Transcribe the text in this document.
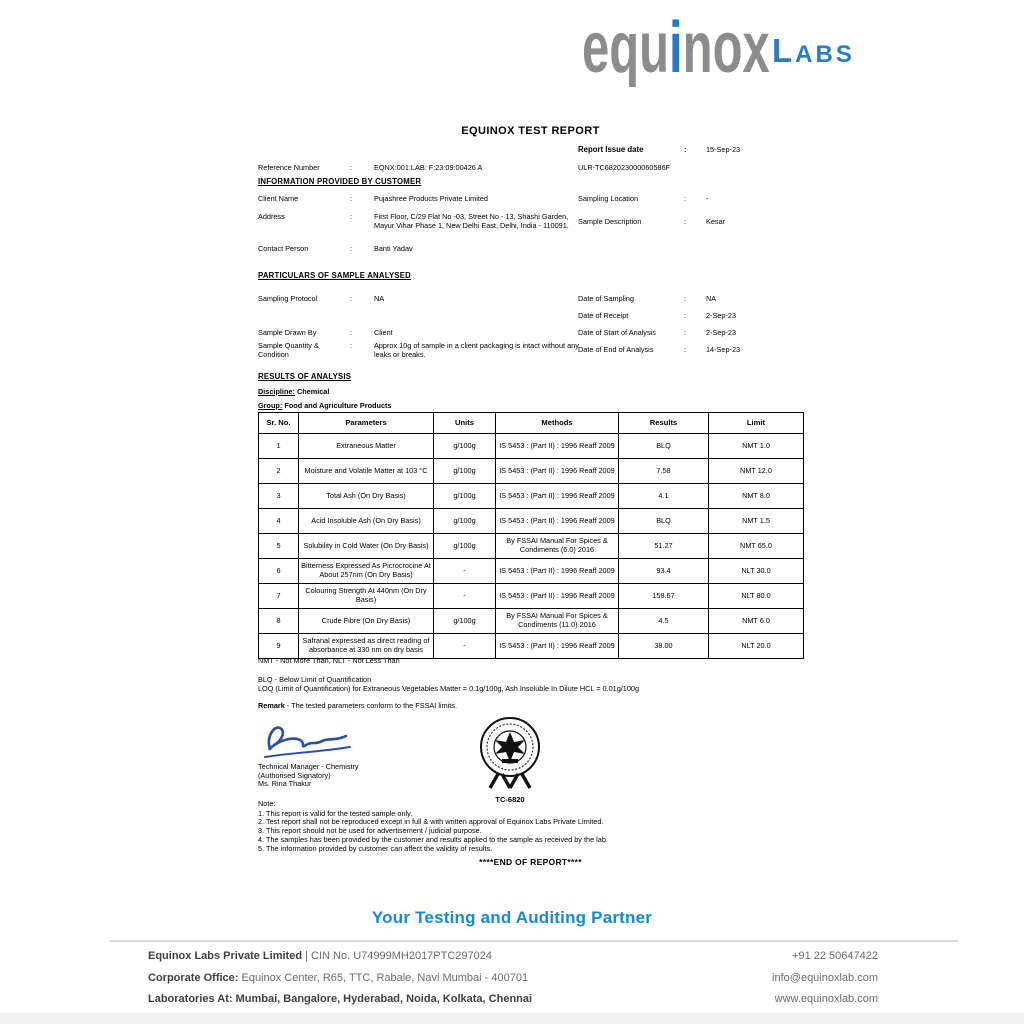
equinox LABS
EQUINOX TEST REPORT
Report Issue date	:	15-Sep-23
Reference Number	:	EQNX:001:LAB: F:23:09:00426 A	ULR-TC682023000060586F
INFORMATION PROVIDED BY CUSTOMER
Client Name	:	Pujashree Products Private Limited
Address	:	First Floor, C/29 Flat No -03, Street No - 13, Shashi Garden, Mayur Vihar Phase 1, New Delhi East, Delhi, India - 110091.
Contact Person	:	Banti Yadav
Sampling Location	:	-
Sample Description	:	Kesar
PARTICULARS OF SAMPLE ANALYSED
Sampling Protocol	:	NA
Sample Drawn By	:	Client
Sample Quantity & Condition
:	Approx 10g of sample in a client packaging is intact without any leaks or breaks.
Date of Sampling	:	NA
Date of Receipt	:	2-Sep-23
Date of Start of Analysis	:	2-Sep-23
Date of End of Analysis	:	14-Sep-23
RESULTS OF ANALYSIS
Discipline: Chemical
Group: Food and Agriculture Products
Sr. No.	Parameters	Units	Methods	Results	Limit
1	Extraneous Matter	g/100g	IS 5453 : (Part II) : 1996 Reaff 2009	BLQ	NMT 1.0
2	Moisture and Volatile Matter at 103 °C	g/100g	IS 5453 : (Part II) : 1996 Reaff 2009	7.58	NMT 12.0
3	Total Ash (On Dry Basis)	g/100g	IS 5453 : (Part II) : 1996 Reaff 2009	4.1	NMT 8.0
4	Acid Insoluble Ash (On Dry Basis)	g/100g	IS 5453 : (Part II) : 1996 Reaff 2009	BLQ	NMT 1.5
5	Solubility in Cold Water (On Dry Basis)	g/100g	By FSSAI Manual For Spices & Condiments (6.0) 2016	51.27	NMT 65.0
6	Bitterness Expressed As Picrocrocine At About 257nm (On Dry Basis)	-	IS 5453 : (Part II) : 1996 Reaff 2009	93.4	NLT 30.0
7	Colouring Strength At 440nm (On Dry Basis)	-	IS 5453 : (Part II) : 1996 Reaff 2009	158.67	NLT 80.0
8	Crude Fibre (On Dry Basis)	g/100g	By FSSAI Manual For Spices & Condiments (11.0) 2016	4.5	NMT 6.0
9	Safranal expressed as direct reading of absorbance at 330 nm on dry basis	-	IS 5453 : (Part II) : 1996 Reaff 2009	38.00	NLT 20.0
NMT - Not More Than, NLT - Not Less Than
BLQ - Below Limit of Quantification
LOQ (Limit of Quantification) for Extraneous Vegetables Matter = 0.1g/100g, Ash Insoluble In Dilute HCL = 0.01g/100g
Remark - The tested parameters conform to the FSSAI limits.
Technical Manager - Chemistry
(Authorised Signatory)
Ms. Rina Thakur
TC-6820
Note:
1. This report is valid for the tested sample only.
2. Test report shall not be reproduced except in full & with written approval of Equinox Labs Private Limited.
3. This report should not be used for advertisement / judicial purpose.
4. The samples has been provided by the customer and results applied to the sample as received by the lab.
5. The information provided by customer can affect the validity of results.
****END OF REPORT****
Your Testing and Auditing Partner
Equinox Labs Private Limited | CIN No. U74999MH2017PTC297024	+91 22 50647422
Corporate Office: Equinox Center, R65, TTC, Rabale, Navi Mumbai - 400701	info@equinoxlab.com
Laboratories At: Mumbai, Bangalore, Hyderabad, Noida, Kolkata, Chennai	www.equinoxlab.com
